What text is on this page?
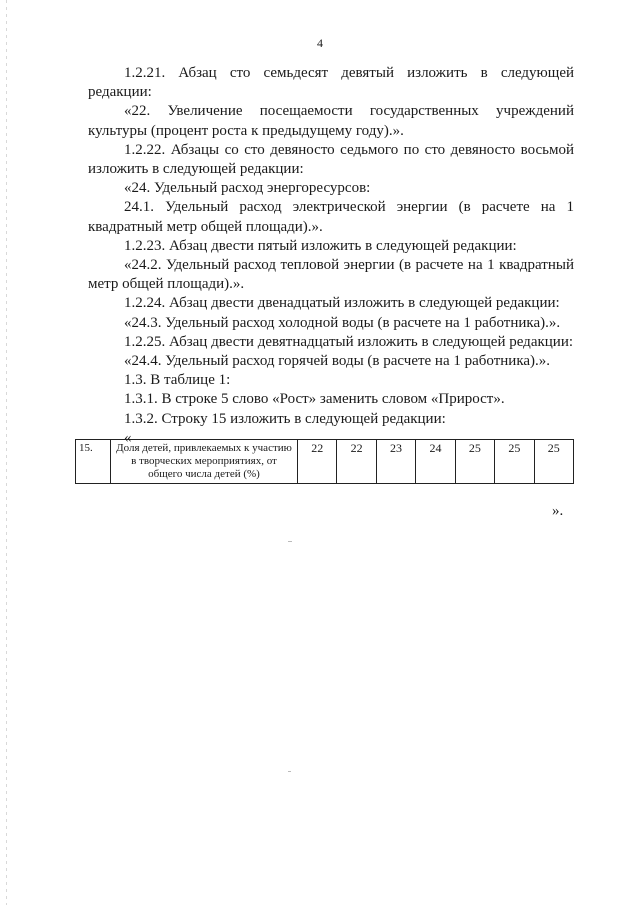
4

1.2.21. Абзац сто семьдесят девятый изложить в следующей редакции:

«22. Увеличение посещаемости государственных учреждений культуры (процент роста к предыдущему году).».

1.2.22. Абзацы со сто девяносто седьмого по сто девяносто восьмой изложить в следующей редакции:

«24. Удельный расход энергоресурсов:

24.1. Удельный расход электрической энергии (в расчете на 1 квадратный метр общей площади).».

1.2.23. Абзац двести пятый изложить в следующей редакции:

«24.2. Удельный расход тепловой энергии (в расчете на 1 квадратный метр общей площади).».

1.2.24. Абзац двести двенадцатый изложить в следующей редакции:

«24.3. Удельный расход холодной воды (в расчете на 1 работника).».

1.2.25. Абзац двести девятнадцатый изложить в следующей редакции:

«24.4. Удельный расход горячей воды (в расчете на 1 работника).».

1.3. В таблице 1:

1.3.1. В строке 5 слово «Рост» заменить словом «Прирост».

1.3.2. Строку 15 изложить в следующей редакции:

«

15.	Доля детей, привлекаемых к участию в творческих мероприятиях, от общего числа детей (%)	22	22	23	24	25	25	25
».
